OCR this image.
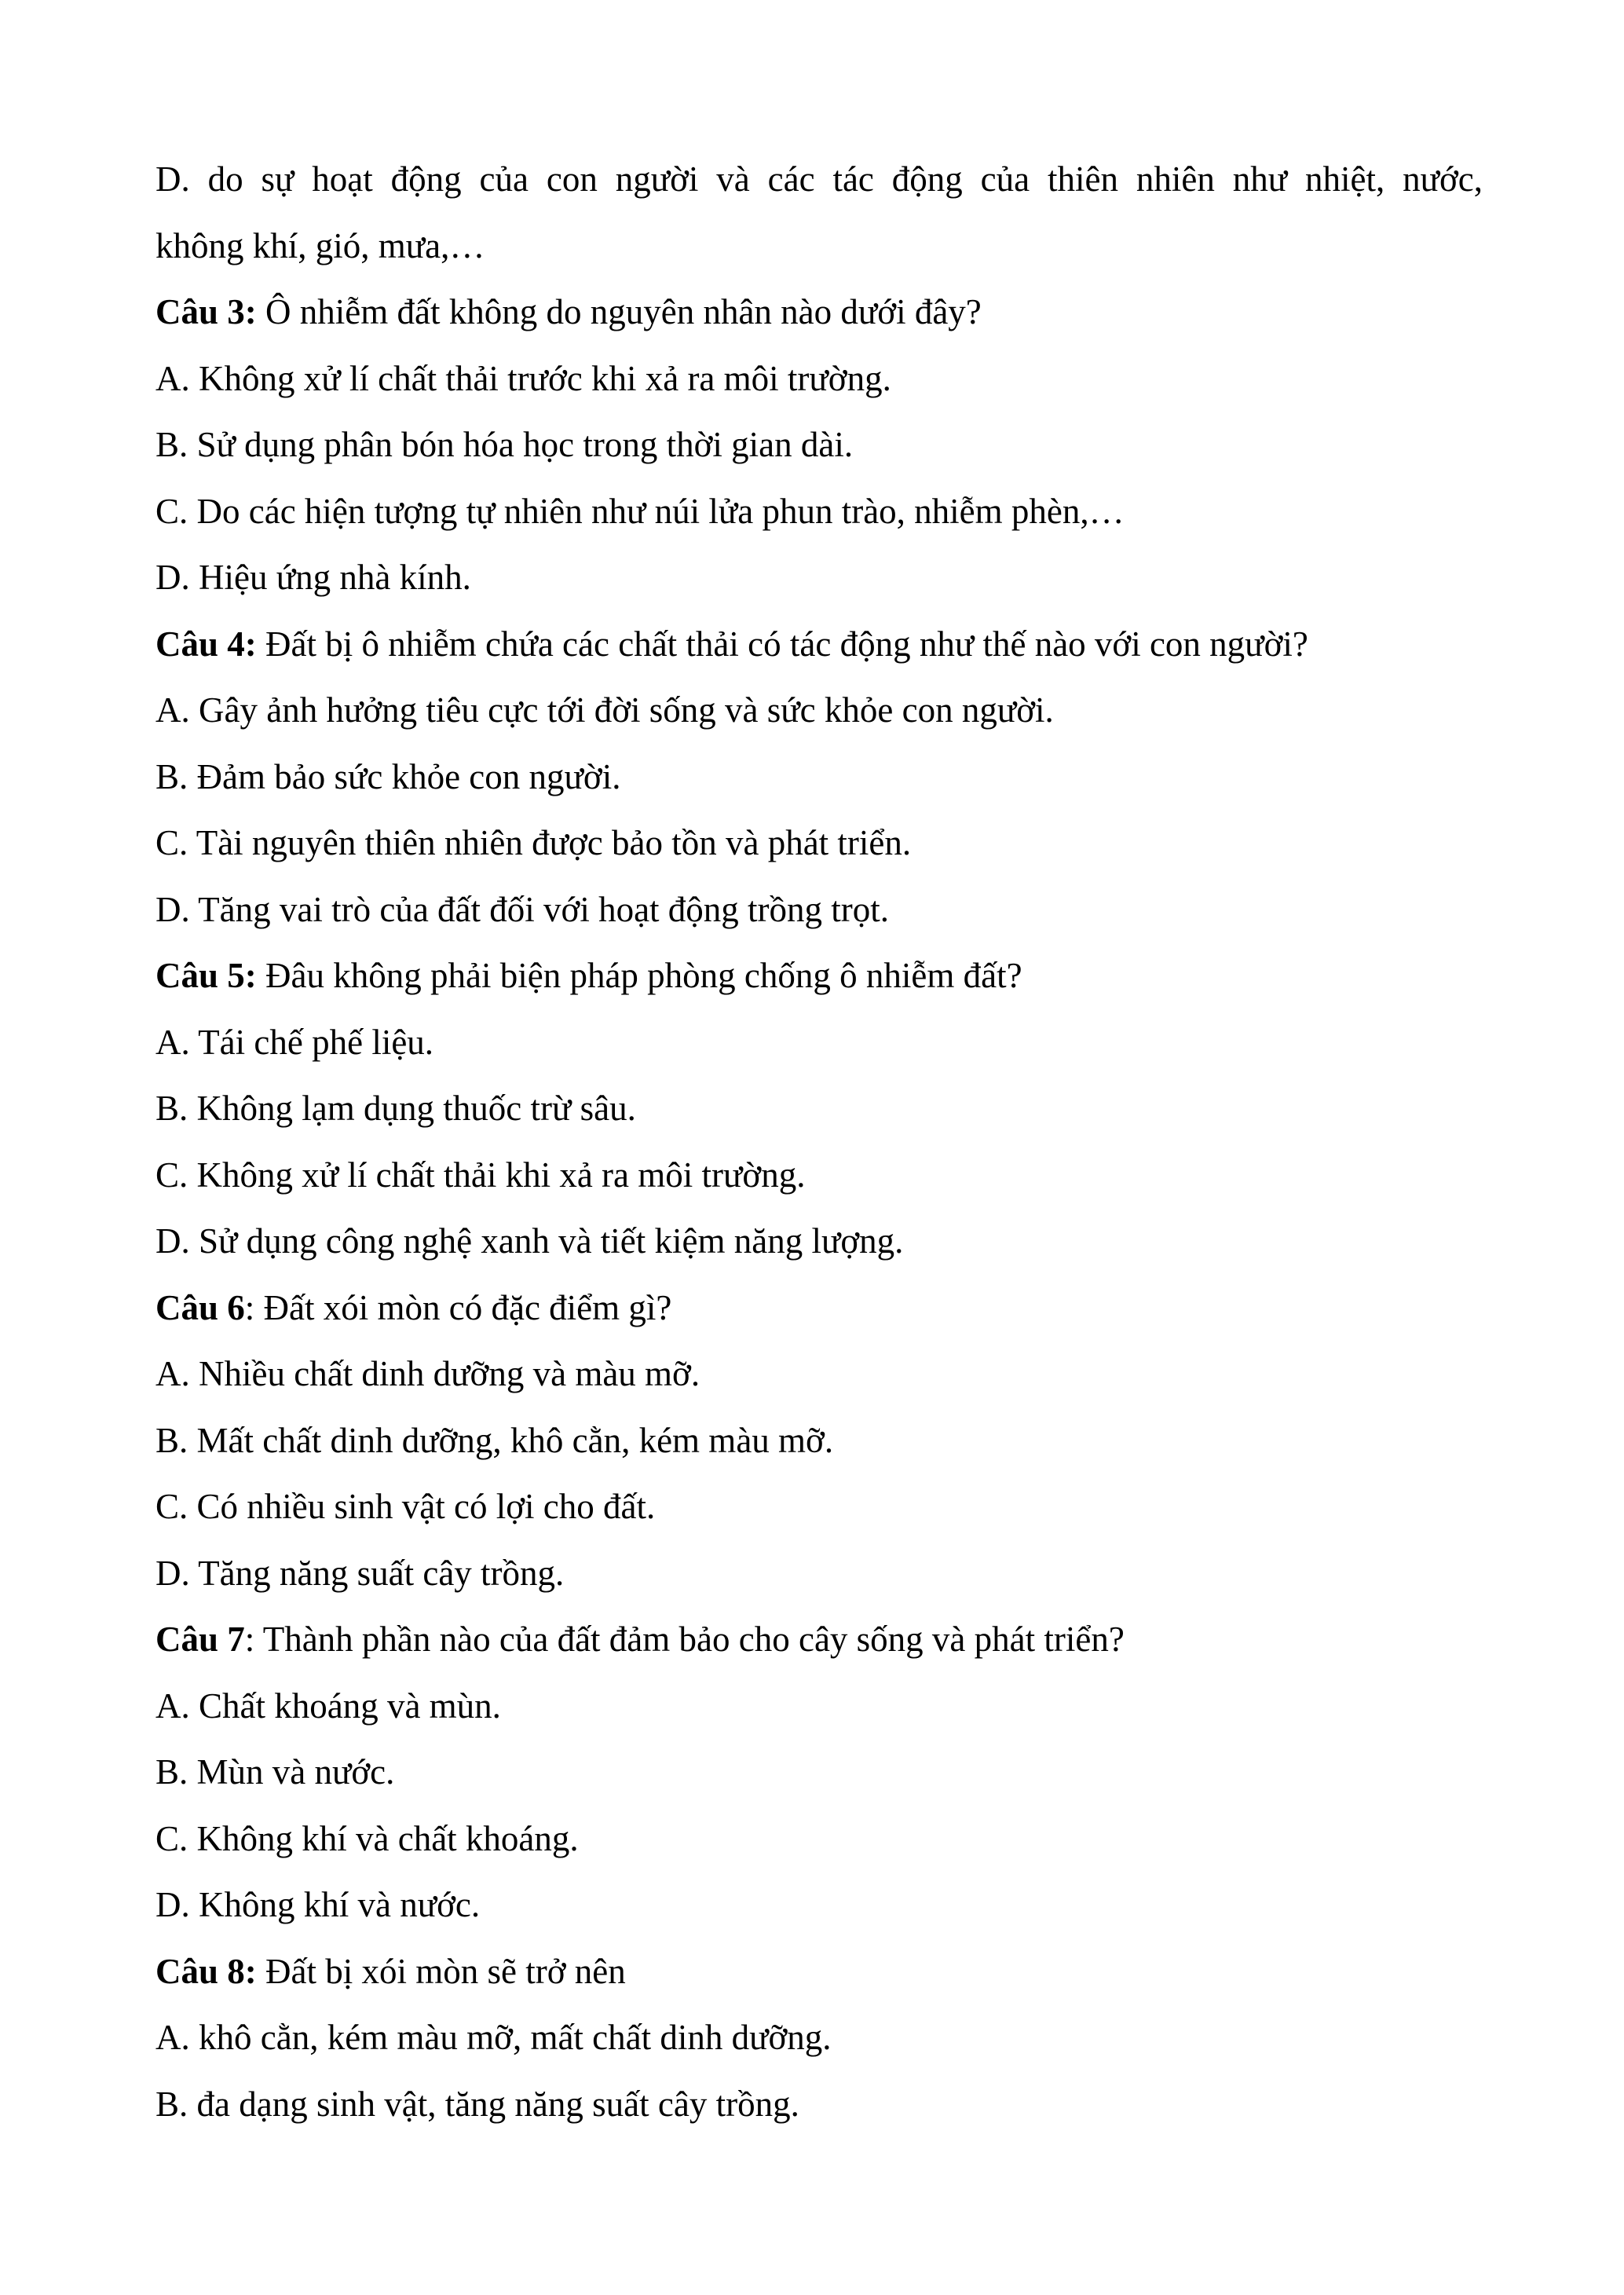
D. do sự hoạt động của con người và các tác động của thiên nhiên như nhiệt, nước,
không khí, gió, mưa,…
Câu 3: Ô nhiễm đất không do nguyên nhân nào dưới đây?
A. Không xử lí chất thải trước khi xả ra môi trường.
B. Sử dụng phân bón hóa học trong thời gian dài.
C. Do các hiện tượng tự nhiên như núi lửa phun trào, nhiễm phèn,…
D. Hiệu ứng nhà kính.
Câu 4: Đất bị ô nhiễm chứa các chất thải có tác động như thế nào với con người?
A. Gây ảnh hưởng tiêu cực tới đời sống và sức khỏe con người.
B. Đảm bảo sức khỏe con người.
C. Tài nguyên thiên nhiên được bảo tồn và phát triển.
D. Tăng vai trò của đất đối với hoạt động trồng trọt.
Câu 5: Đâu không phải biện pháp phòng chống ô nhiễm đất?
A. Tái chế phế liệu.
B. Không lạm dụng thuốc trừ sâu.
C. Không xử lí chất thải khi xả ra môi trường.
D. Sử dụng công nghệ xanh và tiết kiệm năng lượng.
Câu 6: Đất xói mòn có đặc điểm gì?
A. Nhiều chất dinh dưỡng và màu mỡ.
B. Mất chất dinh dưỡng, khô cằn, kém màu mỡ.
C. Có nhiều sinh vật có lợi cho đất.
D. Tăng năng suất cây trồng.
Câu 7: Thành phần nào của đất đảm bảo cho cây sống và phát triển?
A. Chất khoáng và mùn.
B. Mùn và nước.
C. Không khí và chất khoáng.
D. Không khí và nước.
Câu 8: Đất bị xói mòn sẽ trở nên
A. khô cằn, kém màu mỡ, mất chất dinh dưỡng.
B. đa dạng sinh vật, tăng năng suất cây trồng.
